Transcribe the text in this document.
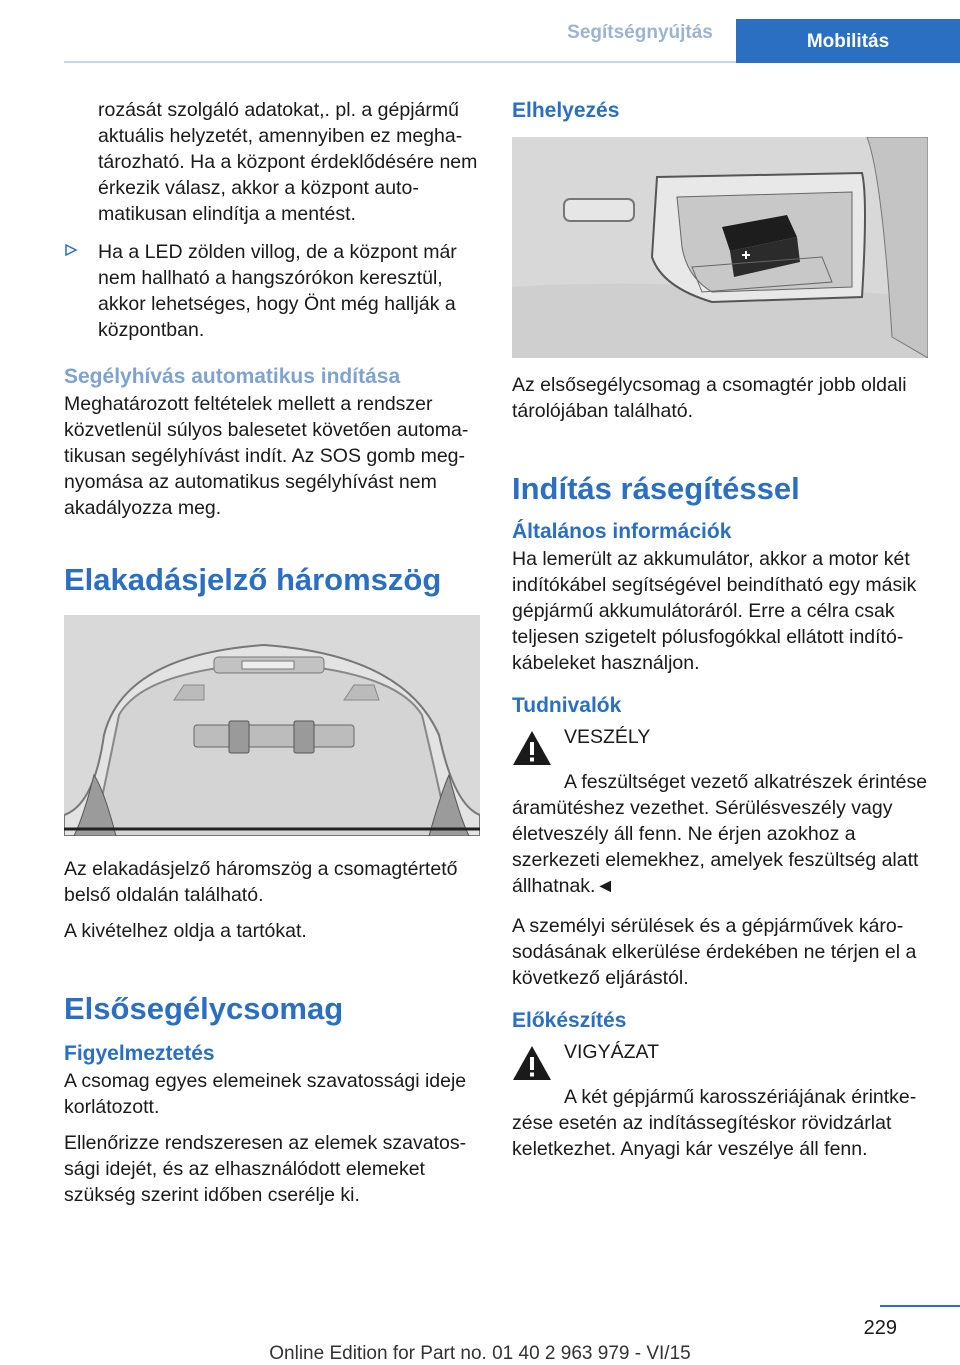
Segítségnyújtás	Mobilitás

rozását szolgáló adatokat,. pl. a gépjármű aktuális helyzetét, amennyiben ez meghatározható. Ha a központ érdeklődésére nem érkezik válasz, akkor a központ automatikusan elindítja a mentést.

Ha a LED zölden villog, de a központ már nem hallható a hangszórókon keresztül, akkor lehetséges, hogy Önt még hallják a központban.

Segélyhívás automatikus indítása

Meghatározott feltételek mellett a rendszer közvetlenül súlyos balesetet követően automatikusan segélyhívást indít. Az SOS gomb megnyomása az automatikus segélyhívást nem akadályozza meg.

Elakadásjelző háromszög

Az elakadásjelző háromszög a csomagtértető belső oldalán található.

A kivételhez oldja a tartókat.

Elsősegélycsomag
Figyelmeztetés

A csomag egyes elemeinek szavatossági ideje korlátozott.

Ellenőrizze rendszeresen az elemek szavatossági idejét, és az elhasználódott elemeket szükség szerint időben cserélje ki.

Elhelyezés

Az elsősegélycsomag a csomagtér jobb oldali tárolójában található.

Indítás rásegítéssel
Általános információk

Ha lemerült az akkumulátor, akkor a motor két indítókábel segítségével beindítható egy másik gépjármű akkumulátoráról. Erre a célra csak teljesen szigetelt pólusfogókkal ellátott indítókábeleket használjon.

Tudnivalók

VESZÉLY

A feszültséget vezető alkatrészek érintése áramütéshez vezethet. Sérülésveszély vagy életveszély áll fenn. Ne érjen azokhoz a szerkezeti elemekhez, amelyek feszültség alatt állhatnak.◄

A személyi sérülések és a gépjárművek károsodásának elkerülése érdekében ne térjen el a következő eljárástól.

Előkészítés

VIGYÁZAT

A két gépjármű karosszériájának érintkezése esetén az indítássegítéskor rövidzárlat keletkezhet. Anyagi kár veszélye áll fenn.

229
Online Edition for Part no. 01 40 2 963 979 - VI/15
